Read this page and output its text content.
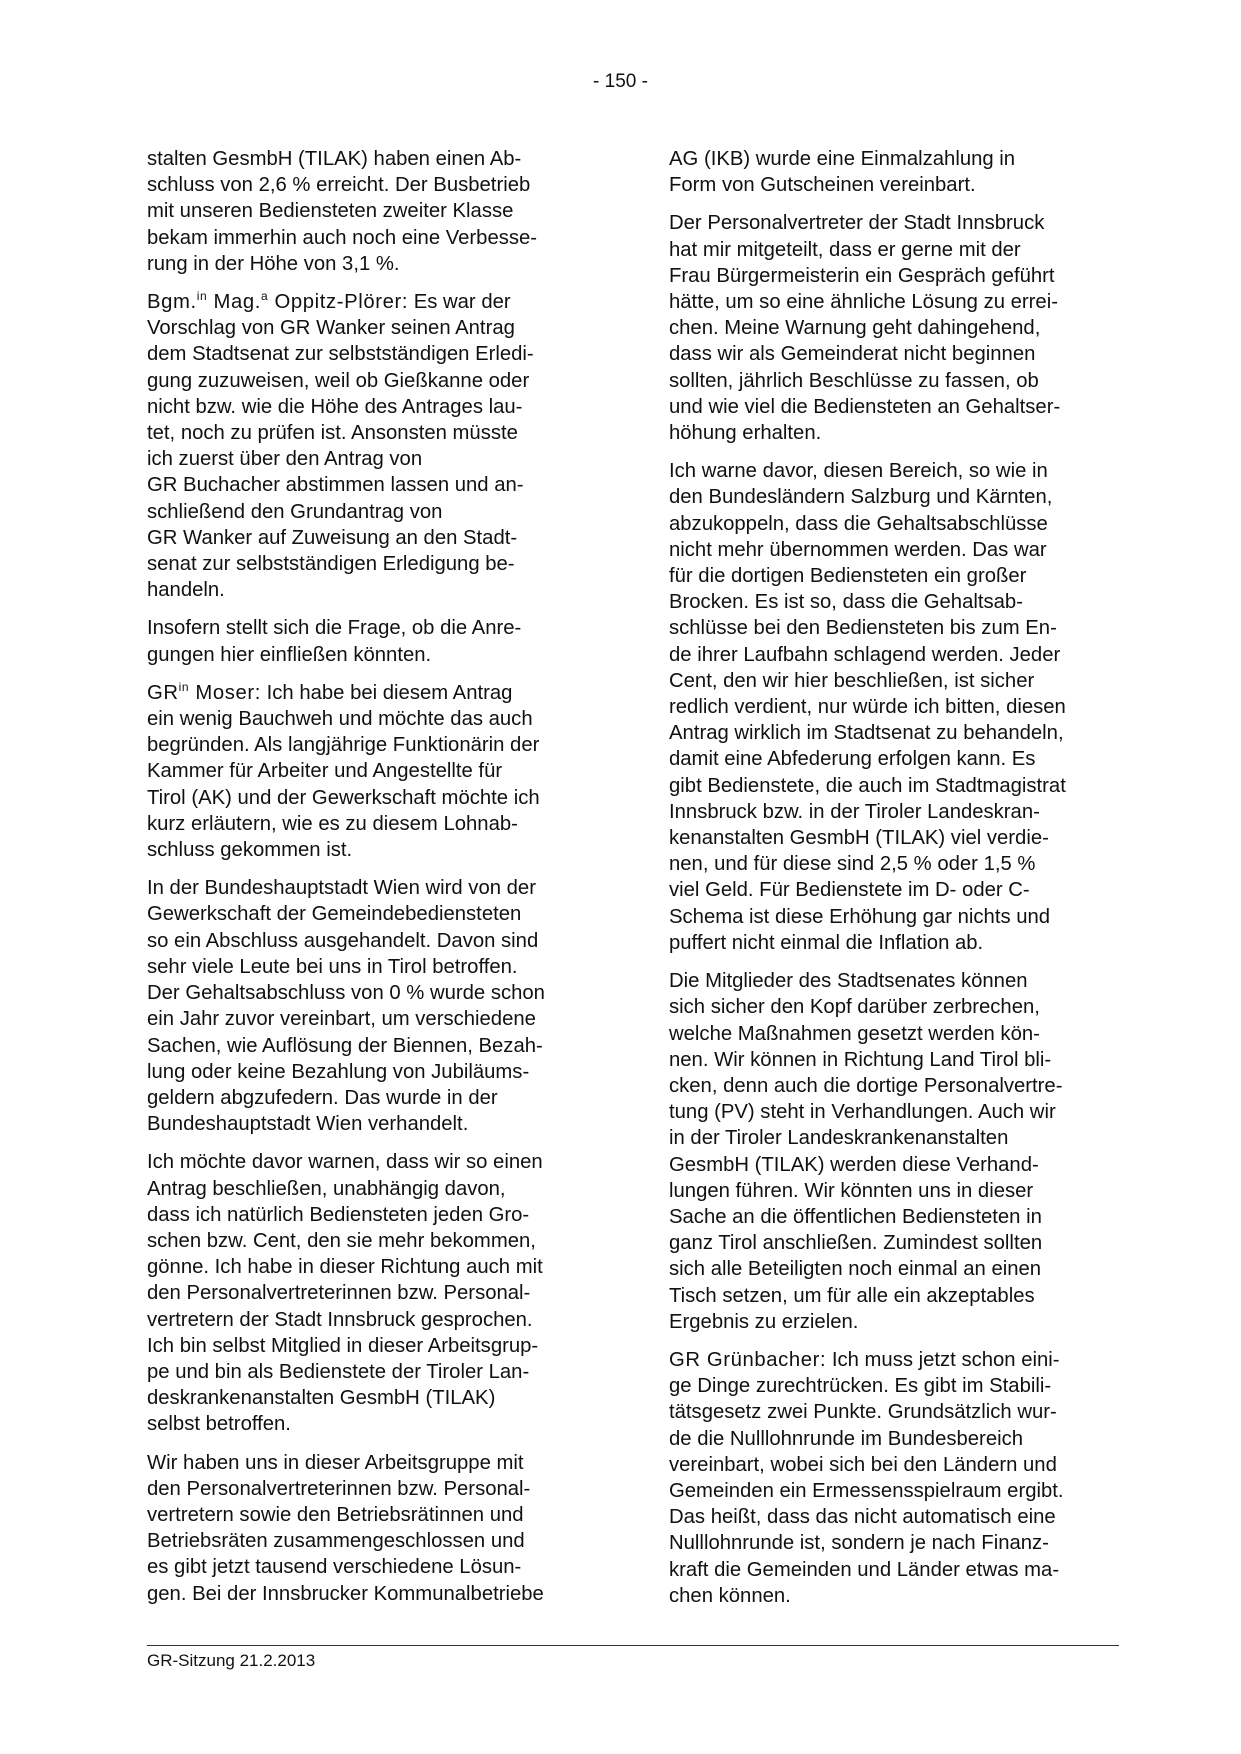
- 150 -

stalten GesmbH (TILAK) haben einen Ab-
schluss von 2,6 % erreicht. Der Busbetrieb
mit unseren Bediensteten zweiter Klasse
bekam immerhin auch noch eine Verbesse-
rung in der Höhe von 3,1 %.

Bgm.$^{in}$ Mag.$^a$ Oppitz-Plörer: Es war der
Vorschlag von GR Wanker seinen Antrag
dem Stadtsenat zur selbstständigen Erledi-
gung zuzuweisen, weil ob Gießkanne oder
nicht bzw. wie die Höhe des Antrages lau-
tet, noch zu prüfen ist. Ansonsten müsste
ich zuerst über den Antrag von
GR Buchacher abstimmen lassen und an-
schließend den Grundantrag von
GR Wanker auf Zuweisung an den Stadt-
senat zur selbstständigen Erledigung be-
handeln.

Insofern stellt sich die Frage, ob die Anre-
gungen hier einfließen könnten.

$GR^{in}$ Moser: Ich habe bei diesem Antrag
ein wenig Bauchweh und möchte das auch
begründen. Als langjährige Funktionärin der
Kammer für Arbeiter und Angestellte für
Tirol (AK) und der Gewerkschaft möchte ich
kurz erläutern, wie es zu diesem Lohnab-
schluss gekommen ist.

In der Bundeshauptstadt Wien wird von der
Gewerkschaft der Gemeindebediensteten
so ein Abschluss ausgehandelt. Davon sind
sehr viele Leute bei uns in Tirol betroffen.
Der Gehaltsabschluss von 0 % wurde schon
ein Jahr zuvor vereinbart, um verschiedene
Sachen, wie Auflösung der Biennen, Bezah-
lung oder keine Bezahlung von Jubiläums-
geldern abgzufedern. Das wurde in der
Bundeshauptstadt Wien verhandelt.

Ich möchte davor warnen, dass wir so einen
Antrag beschließen, unabhängig davon,
dass ich natürlich Bediensteten jeden Gro-
schen bzw. Cent, den sie mehr bekommen,
gönne. Ich habe in dieser Richtung auch mit
den Personalvertreterinnen bzw. Personal-
vertretern der Stadt Innsbruck gesprochen.
Ich bin selbst Mitglied in dieser Arbeitsgrup-
pe und bin als Bedienstete der Tiroler Lan-
deskrankenanstalten GesmbH (TILAK)
selbst betroffen.

Wir haben uns in dieser Arbeitsgruppe mit
den Personalvertreterinnen bzw. Personal-
vertretern sowie den Betriebsrätinnen und
Betriebsräten zusammengeschlossen und
es gibt jetzt tausend verschiedene Lösun-
gen. Bei der Innsbrucker Kommunalbetriebe

AG (IKB) wurde eine Einmalzahlung in
Form von Gutscheinen vereinbart.

Der Personalvertreter der Stadt Innsbruck
hat mir mitgeteilt, dass er gerne mit der
Frau Bürgermeisterin ein Gespräch geführt
hätte, um so eine ähnliche Lösung zu errei-
chen. Meine Warnung geht dahingehend,
dass wir als Gemeinderat nicht beginnen
sollten, jährlich Beschlüsse zu fassen, ob
und wie viel die Bediensteten an Gehaltser-
höhung erhalten.

Ich warne davor, diesen Bereich, so wie in
den Bundesländern Salzburg und Kärnten,
abzukoppeln, dass die Gehaltsabschlüsse
nicht mehr übernommen werden. Das war
für die dortigen Bediensteten ein großer
Brocken. Es ist so, dass die Gehaltsab-
schlüsse bei den Bediensteten bis zum En-
de ihrer Laufbahn schlagend werden. Jeder
Cent, den wir hier beschließen, ist sicher
redlich verdient, nur würde ich bitten, diesen
Antrag wirklich im Stadtsenat zu behandeln,
damit eine Abfederung erfolgen kann. Es
gibt Bedienstete, die auch im Stadtmagistrat
Innsbruck bzw. in der Tiroler Landeskran-
kenanstalten GesmbH (TILAK) viel verdie-
nen, und für diese sind 2,5 % oder 1,5 %
viel Geld. Für Bedienstete im D- oder C-
Schema ist diese Erhöhung gar nichts und
puffert nicht einmal die Inflation ab.

Die Mitglieder des Stadtsenates können
sich sicher den Kopf darüber zerbrechen,
welche Maßnahmen gesetzt werden kön-
nen. Wir können in Richtung Land Tirol bli-
cken, denn auch die dortige Personalvertre-
tung (PV) steht in Verhandlungen. Auch wir
in der Tiroler Landeskrankenanstalten
GesmbH (TILAK) werden diese Verhand-
lungen führen. Wir könnten uns in dieser
Sache an die öffentlichen Bediensteten in
ganz Tirol anschließen. Zumindest sollten
sich alle Beteiligten noch einmal an einen
Tisch setzen, um für alle ein akzeptables
Ergebnis zu erzielen.

GR Grünbacher: Ich muss jetzt schon eini-
ge Dinge zurechtrücken. Es gibt im Stabili-
tätsgesetz zwei Punkte. Grundsätzlich wur-
de die Nulllohnrunde im Bundesbereich
vereinbart, wobei sich bei den Ländern und
Gemeinden ein Ermessensspielraum ergibt.
Das heißt, dass das nicht automatisch eine
Nulllohnrunde ist, sondern je nach Finanz-
kraft die Gemeinden und Länder etwas ma-
chen können.

GR-Sitzung 21.2.2013
